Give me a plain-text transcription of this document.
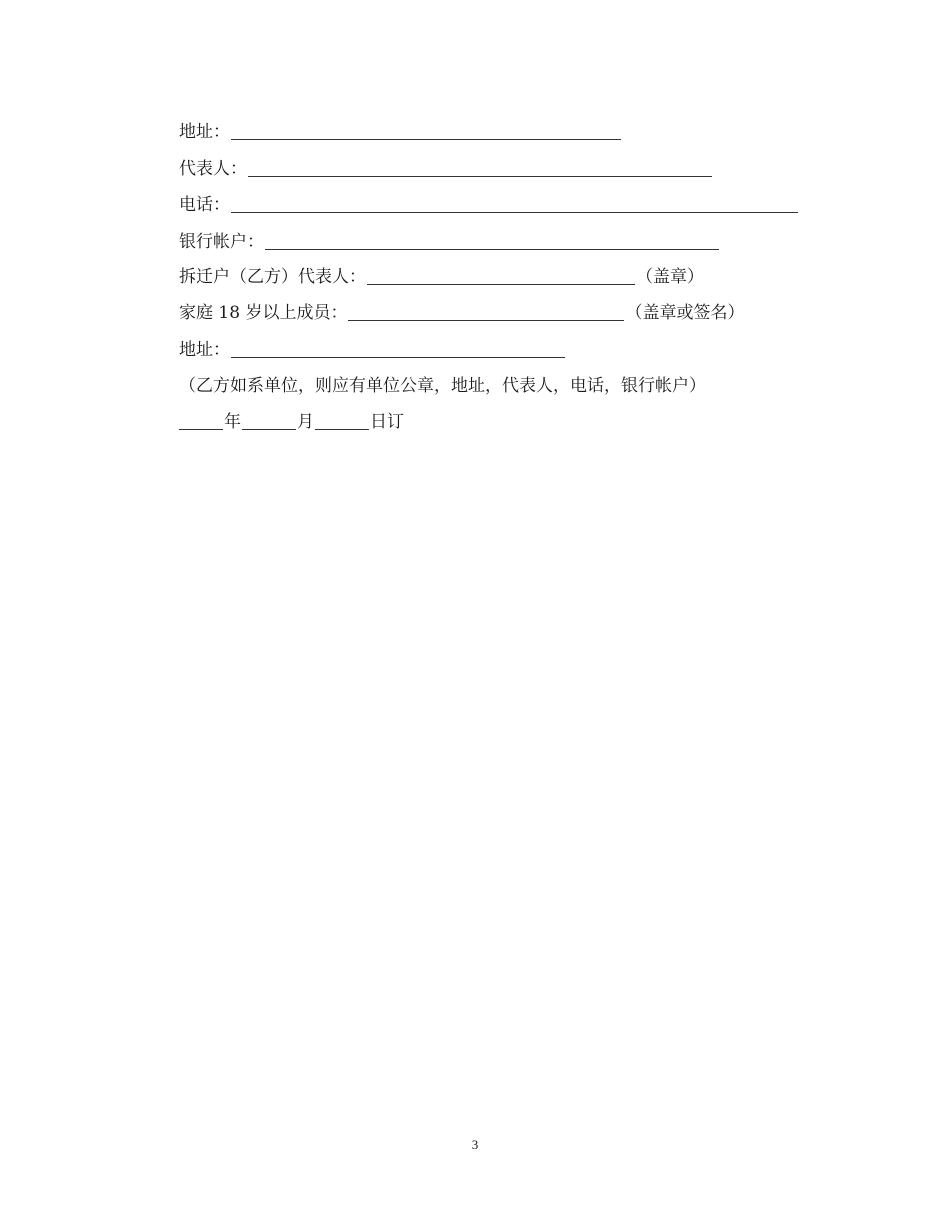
地址：
代表人：
电话：
银行帐户：
拆迁户（乙方）代表人：	（盖章）
家庭 18 岁以上成员：	（盖章或签名）
地址：
（乙方如系单位，则应有单位公章，地址，代表人，电话，银行帐户）
年	月	日订
3
